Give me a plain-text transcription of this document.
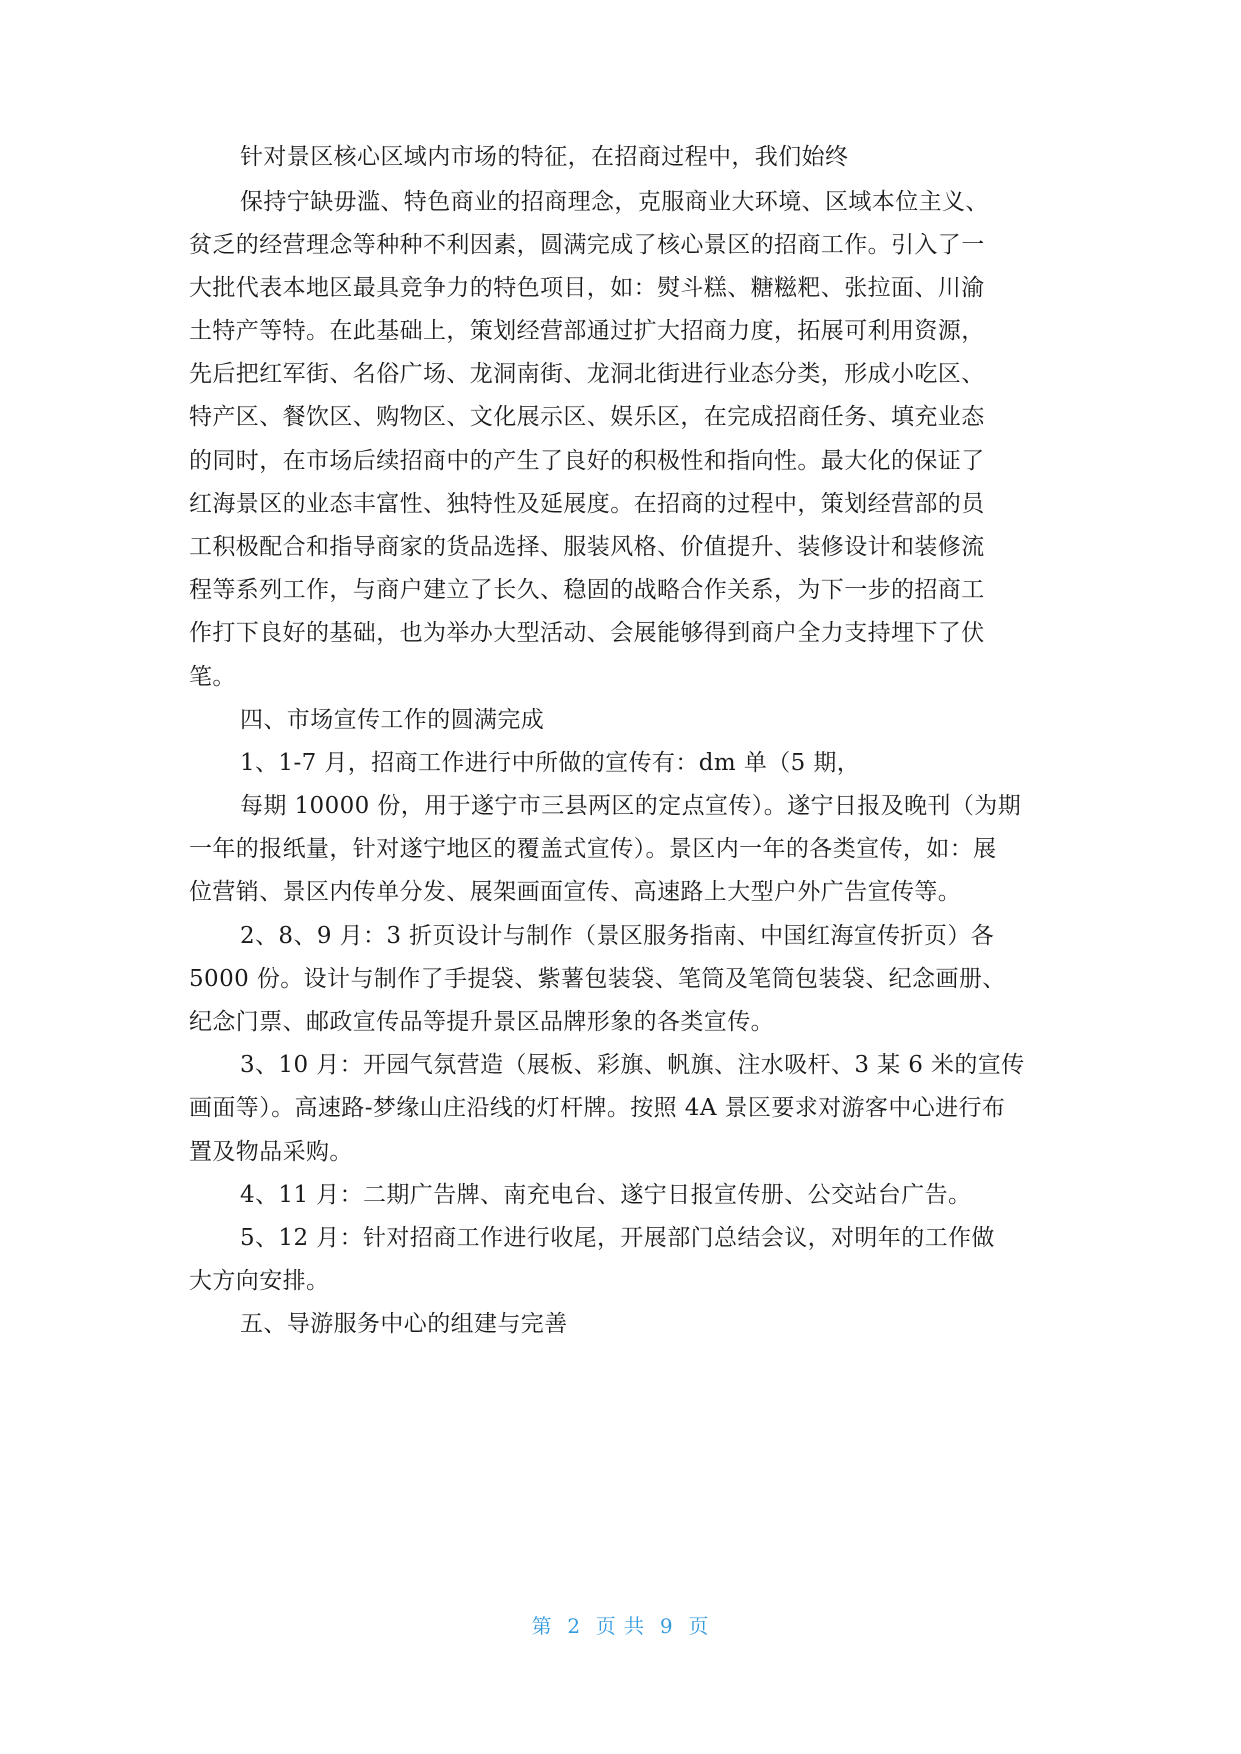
针对景区核心区域内市场的特征，在招商过程中，我们始终
保持宁缺毋滥、特色商业的招商理念，克服商业大环境、区域本位主义、
贫乏的经营理念等种种不利因素，圆满完成了核心景区的招商工作。引入了一
大批代表本地区最具竞争力的特色项目，如：熨斗糕、糖糍粑、张拉面、川渝
土特产等特。在此基础上，策划经营部通过扩大招商力度，拓展可利用资源，
先后把红军街、名俗广场、龙洞南街、龙洞北街进行业态分类，形成小吃区、
特产区、餐饮区、购物区、文化展示区、娱乐区，在完成招商任务、填充业态
的同时，在市场后续招商中的产生了良好的积极性和指向性。最大化的保证了
红海景区的业态丰富性、独特性及延展度。在招商的过程中，策划经营部的员
工积极配合和指导商家的货品选择、服装风格、价值提升、装修设计和装修流
程等系列工作，与商户建立了长久、稳固的战略合作关系，为下一步的招商工
作打下良好的基础，也为举办大型活动、会展能够得到商户全力支持埋下了伏
笔。
四、市场宣传工作的圆满完成
1、1-7 月，招商工作进行中所做的宣传有：dm 单（5 期，
每期 10000 份，用于遂宁市三县两区的定点宣传）。遂宁日报及晚刊（为期
一年的报纸量，针对遂宁地区的覆盖式宣传）。景区内一年的各类宣传，如：展
位营销、景区内传单分发、展架画面宣传、高速路上大型户外广告宣传等。
2、8、9 月：3 折页设计与制作（景区服务指南、中国红海宣传折页）各
5000 份。设计与制作了手提袋、紫薯包装袋、笔筒及笔筒包装袋、纪念画册、
纪念门票、邮政宣传品等提升景区品牌形象的各类宣传。
3、10 月：开园气氛营造（展板、彩旗、帆旗、注水吸杆、3 某 6 米的宣传
画面等）。高速路-梦缘山庄沿线的灯杆牌。按照 4A 景区要求对游客中心进行布
置及物品采购。
4、11 月：二期广告牌、南充电台、遂宁日报宣传册、公交站台广告。
5、12 月：针对招商工作进行收尾，开展部门总结会议，对明年的工作做
大方向安排。
五、导游服务中心的组建与完善
第  2  页 共  9  页
